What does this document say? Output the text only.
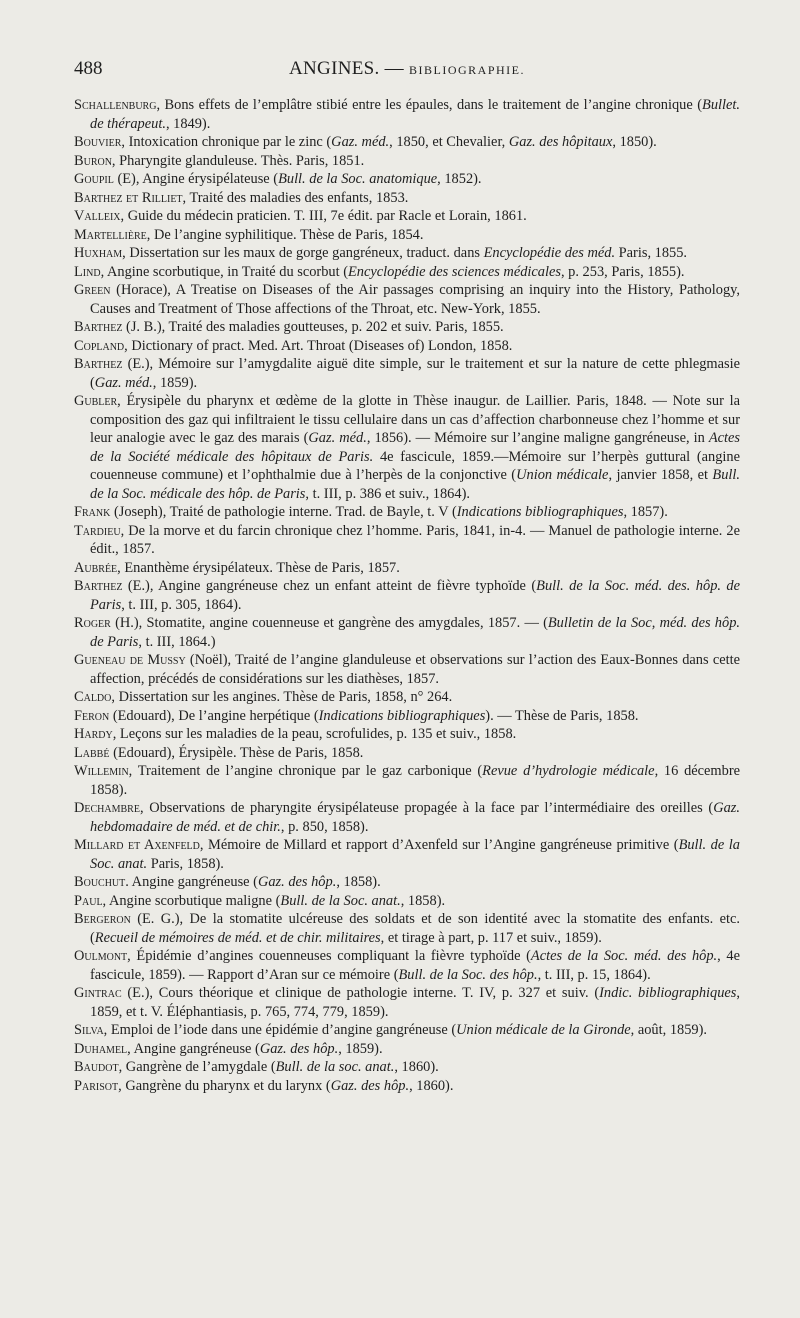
488	ANGINES. — BIBLIOGRAPHIE.

Schallenburg, Bons effets de l’emplâtre stibié entre les épaules, dans le traitement de l’angine chronique (Bullet. de thérapeut., 1849).

Bouvier, Intoxication chronique par le zinc (Gaz. méd., 1850, et Chevalier, Gaz. des hôpitaux, 1850).

Buron, Pharyngite glanduleuse. Thès. Paris, 1851.

Goupil (E), Angine érysipélateuse (Bull. de la Soc. anatomique, 1852).

Barthez et Rilliet, Traité des maladies des enfants, 1853.

Valleix, Guide du médecin praticien. T. III, 7e édit. par Racle et Lorain, 1861.

Martellière, De l’angine syphilitique. Thèse de Paris, 1854.

Huxham, Dissertation sur les maux de gorge gangréneux, traduct. dans Encyclopédie des méd. Paris, 1855.

Lind, Angine scorbutique, in Traité du scorbut (Encyclopédie des sciences médicales, p. 253, Paris, 1855).

Green (Horace), A Treatise on Diseases of the Air passages comprising an inquiry into the History, Pathology, Causes and Treatment of Those affections of the Throat, etc. New-York, 1855.

Barthez (J. B.), Traité des maladies goutteuses, p. 202 et suiv. Paris, 1855.

Copland, Dictionary of pract. Med. Art. Throat (Diseases of) London, 1858.

Barthez (E.), Mémoire sur l’amygdalite aiguë dite simple, sur le traitement et sur la nature de cette phlegmasie (Gaz. méd., 1859).

Gubler, Érysipèle du pharynx et œdème de la glotte in Thèse inaugur. de Laillier. Paris, 1848. — Note sur la composition des gaz qui infiltraient le tissu cellulaire dans un cas d’affection charbonneuse chez l’homme et sur leur analogie avec le gaz des marais (Gaz. méd., 1856). — Mémoire sur l’angine maligne gangréneuse, in Actes de la Société médicale des hôpitaux de Paris. 4e fascicule, 1859.—Mémoire sur l’herpès guttural (angine couenneuse commune) et l’ophthalmie due à l’herpès de la conjonctive (Union médicale, janvier 1858, et Bull. de la Soc. médicale des hôp. de Paris, t. III, p. 386 et suiv., 1864).

Frank (Joseph), Traité de pathologie interne. Trad. de Bayle, t. V (Indications bibliographiques, 1857).

Tardieu, De la morve et du farcin chronique chez l’homme. Paris, 1841, in-4. — Manuel de pathologie interne. 2e édit., 1857.

Aubrée, Enanthème érysipélateux. Thèse de Paris, 1857.

Barthez (E.), Angine gangréneuse chez un enfant atteint de fièvre typhoïde (Bull. de la Soc. méd. des. hôp. de Paris, t. III, p. 305, 1864).

Roger (H.), Stomatite, angine couenneuse et gangrène des amygdales, 1857. — (Bulletin de la Soc, méd. des hôp. de Paris, t. III, 1864.)

Gueneau de Mussy (Noël), Traité de l’angine glanduleuse et observations sur l’action des Eaux-Bonnes dans cette affection, précédés de considérations sur les diathèses, 1857.

Caldo, Dissertation sur les angines. Thèse de Paris, 1858, n° 264.

Feron (Edouard), De l’angine herpétique (Indications bibliographiques). — Thèse de Paris, 1858.

Hardy, Leçons sur les maladies de la peau, scrofulides, p. 135 et suiv., 1858.

Labbé (Edouard), Érysipèle. Thèse de Paris, 1858.

Willemin, Traitement de l’angine chronique par le gaz carbonique (Revue d’hydrologie médicale, 16 décembre 1858).

Dechambre, Observations de pharyngite érysipélateuse propagée à la face par l’intermédiaire des oreilles (Gaz. hebdomadaire de méd. et de chir., p. 850, 1858).

Millard et Axenfeld, Mémoire de Millard et rapport d’Axenfeld sur l’Angine gangréneuse primitive (Bull. de la Soc. anat. Paris, 1858).

Bouchut. Angine gangréneuse (Gaz. des hôp., 1858).

Paul, Angine scorbutique maligne (Bull. de la Soc. anat., 1858).

Bergeron (E. G.), De la stomatite ulcéreuse des soldats et de son identité avec la stomatite des enfants. etc. (Recueil de mémoires de méd. et de chir. militaires, et tirage à part, p. 117 et suiv., 1859).

Oulmont, Épidémie d’angines couenneuses compliquant la fièvre typhoïde (Actes de la Soc. méd. des hôp., 4e fascicule, 1859). — Rapport d’Aran sur ce mémoire (Bull. de la Soc. des hôp., t. III, p. 15, 1864).

Gintrac (E.), Cours théorique et clinique de pathologie interne. T. IV, p. 327 et suiv. (Indic. bibliographiques, 1859, et t. V. Éléphantiasis, p. 765, 774, 779, 1859).

Silva, Emploi de l’iode dans une épidémie d’angine gangréneuse (Union médicale de la Gironde, août, 1859).

Duhamel, Angine gangréneuse (Gaz. des hôp., 1859).

Baudot, Gangrène de l’amygdale (Bull. de la soc. anat., 1860).

Parisot, Gangrène du pharynx et du larynx (Gaz. des hôp., 1860).
